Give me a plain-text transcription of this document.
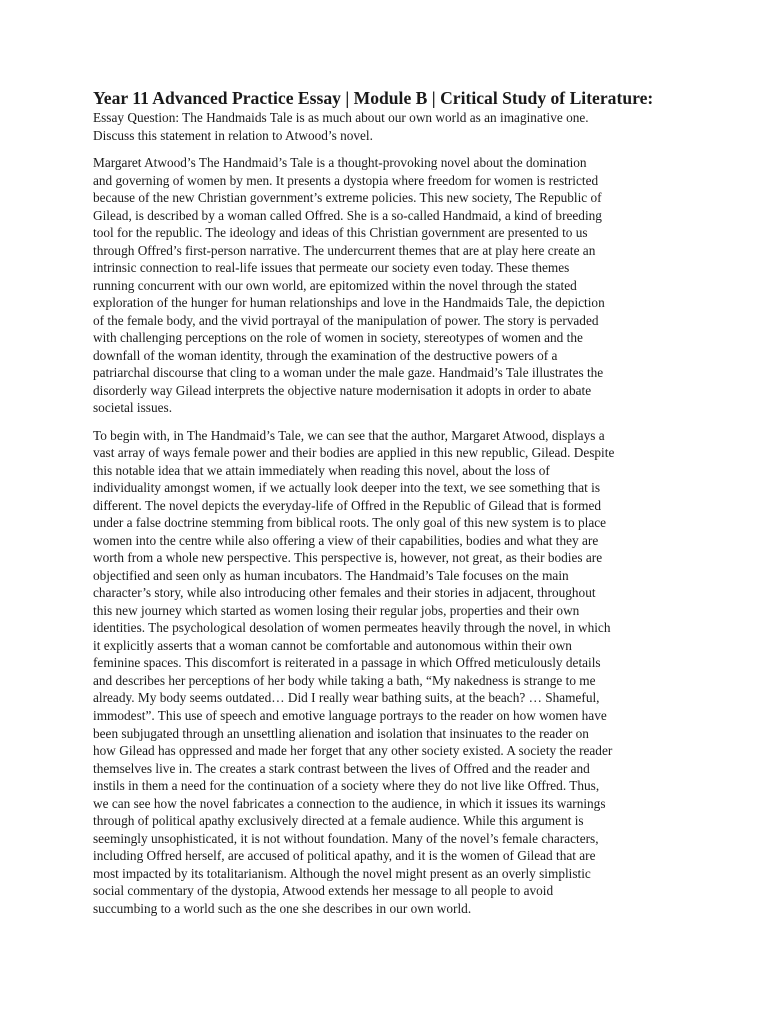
Year 11 Advanced Practice Essay | Module B | Critical Study of Literature:

Essay Question: The Handmaids Tale is as much about our own world as an imaginative one.
Discuss this statement in relation to Atwood’s novel.

Margaret Atwood’s The Handmaid’s Tale is a thought-provoking novel about the domination
and governing of women by men. It presents a dystopia where freedom for women is restricted
because of the new Christian government’s extreme policies. This new society, The Republic of
Gilead, is described by a woman called Offred. She is a so-called Handmaid, a kind of breeding
tool for the republic. The ideology and ideas of this Christian government are presented to us
through Offred’s first-person narrative. The undercurrent themes that are at play here create an
intrinsic connection to real-life issues that permeate our society even today. These themes
running concurrent with our own world, are epitomized within the novel through the stated
exploration of the hunger for human relationships and love in the Handmaids Tale, the depiction
of the female body, and the vivid portrayal of the manipulation of power. The story is pervaded
with challenging perceptions on the role of women in society, stereotypes of women and the
downfall of the woman identity, through the examination of the destructive powers of a
patriarchal discourse that cling to a woman under the male gaze. Handmaid’s Tale illustrates the
disorderly way Gilead interprets the objective nature modernisation it adopts in order to abate
societal issues.

To begin with, in The Handmaid’s Tale, we can see that the author, Margaret Atwood, displays a
vast array of ways female power and their bodies are applied in this new republic, Gilead. Despite
this notable idea that we attain immediately when reading this novel, about the loss of
individuality amongst women, if we actually look deeper into the text, we see something that is
different. The novel depicts the everyday-life of Offred in the Republic of Gilead that is formed
under a false doctrine stemming from biblical roots. The only goal of this new system is to place
women into the centre while also offering a view of their capabilities, bodies and what they are
worth from a whole new perspective. This perspective is, however, not great, as their bodies are
objectified and seen only as human incubators. The Handmaid’s Tale focuses on the main
character’s story, while also introducing other females and their stories in adjacent, throughout
this new journey which started as women losing their regular jobs, properties and their own
identities. The psychological desolation of women permeates heavily through the novel, in which
it explicitly asserts that a woman cannot be comfortable and autonomous within their own
feminine spaces. This discomfort is reiterated in a passage in which Offred meticulously details
and describes her perceptions of her body while taking a bath, “My nakedness is strange to me
already. My body seems outdated… Did I really wear bathing suits, at the beach? … Shameful,
immodest”. This use of speech and emotive language portrays to the reader on how women have
been subjugated through an unsettling alienation and isolation that insinuates to the reader on
how Gilead has oppressed and made her forget that any other society existed. A society the reader
themselves live in. The creates a stark contrast between the lives of Offred and the reader and
instils in them a need for the continuation of a society where they do not live like Offred. Thus,
we can see how the novel fabricates a connection to the audience, in which it issues its warnings
through of political apathy exclusively directed at a female audience. While this argument is
seemingly unsophisticated, it is not without foundation. Many of the novel’s female characters,
including Offred herself, are accused of political apathy, and it is the women of Gilead that are
most impacted by its totalitarianism. Although the novel might present as an overly simplistic
social commentary of the dystopia, Atwood extends her message to all people to avoid
succumbing to a world such as the one she describes in our own world.
